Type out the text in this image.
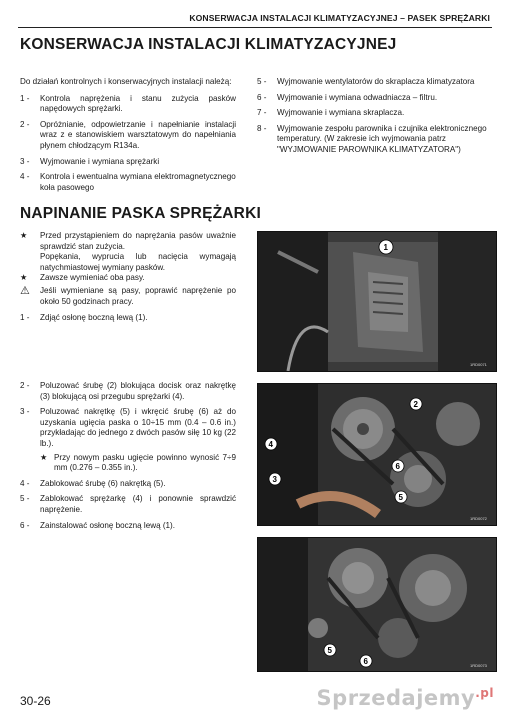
KONSERWACJA INSTALACJI KLIMATYZACYJNEJ – PASEK SPRĘŻARKI
KONSERWACJA INSTALACJI KLIMATYZACYJNEJ
Do działań kontrolnych i konserwacyjnych instalacji należą:
1 -	Kontrola naprężenia i stanu zużycia pasków napędowych sprężarki.
2 -	Opróżnianie, odpowietrzanie i napełnianie instalacji wraz z e stanowiskiem warsztatowym do napełniania płynem chłodzącym R134a.
3 -	Wyjmowanie i wymiana sprężarki
4 -	Kontrola i ewentualna wymiana elektromagnetycznego koła pasowego
5 -	Wyjmowanie wentylatorów do skraplacza klimatyzatora
6 -	Wyjmowanie i wymiana odwadniacza – filtru.
7 -	Wyjmowanie i wymiana skraplacza.
8 -	Wyjmowanie zespołu parownika i czujnika elektronicznego temperatury. (W zakresie ich wyjmowania patrz "WYJMOWANIE PAROWNIKA KLIMATYZATORA")
NAPINANIE PASKA SPRĘŻARKI
★	Przed przystąpieniem do naprężania pasów uważnie sprawdzić stan zużycia.
Popękania, wypruciа lub nacięcia wymagają natychmiastowej wymiany pasków.
★	Zawsze wymieniać oba pasy.
⚠	Jeśli wymieniane są pasy, poprawić naprężenie po około 50 godzinach pracy.
1 -	Zdjąć osłonę boczną lewą (1).
2 -	Poluzować śrubę (2) blokująca docisk oraz nakrętkę (3) blokującą osi przegubu sprężarki (4).
3 -	Poluzować nakrętkę (5) i wkręcić śrubę (6) aż do uzyskania ugięcia paska o 10÷15 mm (0.4 – 0.6 in.) przykładając do jednego z dwóch pasów siłę 10 kg (22 lb.).
★ Przy nowym pasku ugięcie powinno wynosić 7÷9 mm (0.276 – 0.355 in.).
4 -	Zablokować śrubę (6) nakrętką (5).
5 -	Zablokować sprężarkę (4) i ponownie sprawdzić naprężenie.
6 -	Zainstalować osłonę boczną lewą (1).
1
1RD0071
2
3
4
5
6
1RD0072
6
5
1RD0073
30-26	Sprzedajemy$^{.pl}$
